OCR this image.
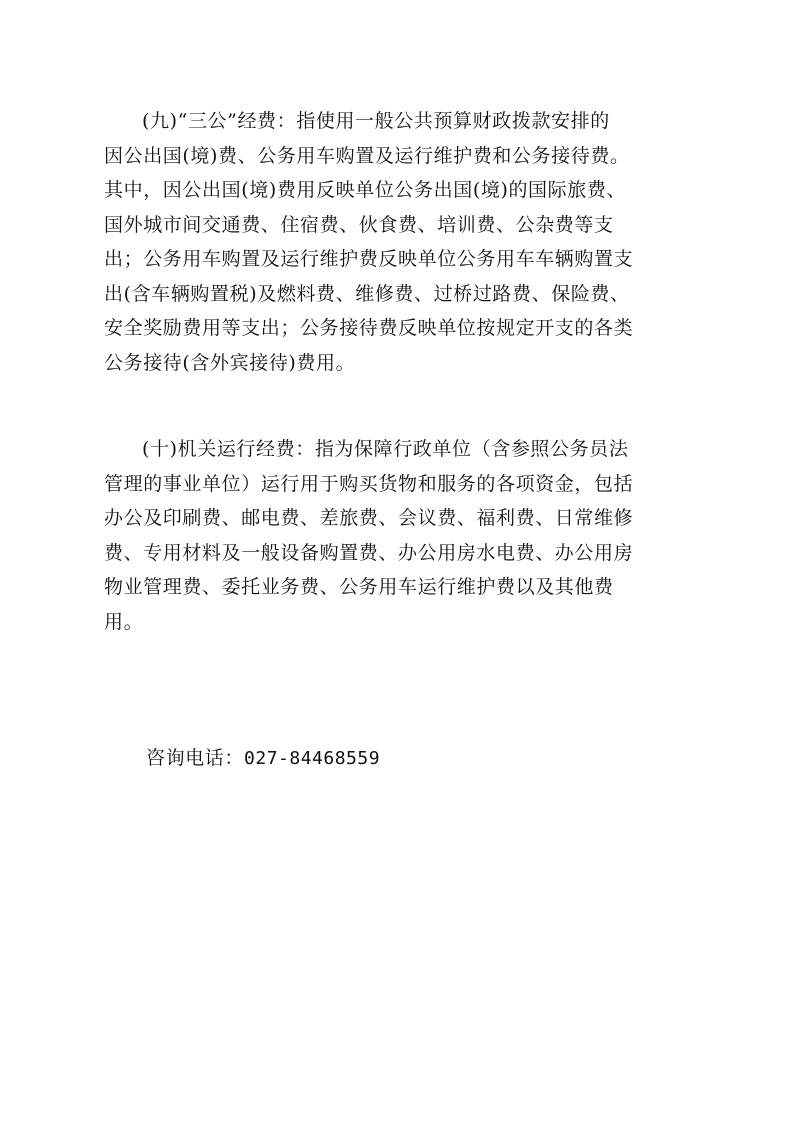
(九)“三公”经费：指使用一般公共预算财政拨款安排的
因公出国(境)费、公务用车购置及运行维护费和公务接待费。
其中，因公出国(境)费用反映单位公务出国(境)的国际旅费、
国外城市间交通费、住宿费、伙食费、培训费、公杂费等支
出；公务用车购置及运行维护费反映单位公务用车车辆购置支
出(含车辆购置税)及燃料费、维修费、过桥过路费、保险费、
安全奖励费用等支出；公务接待费反映单位按规定开支的各类
公务接待(含外宾接待)费用。
(十)机关运行经费：指为保障行政单位（含参照公务员法
管理的事业单位）运行用于购买货物和服务的各项资金，包括
办公及印刷费、邮电费、差旅费、会议费、福利费、日常维修
费、专用材料及一般设备购置费、办公用房水电费、办公用房
物业管理费、委托业务费、公务用车运行维护费以及其他费
用。
咨询电话：027-84468559
